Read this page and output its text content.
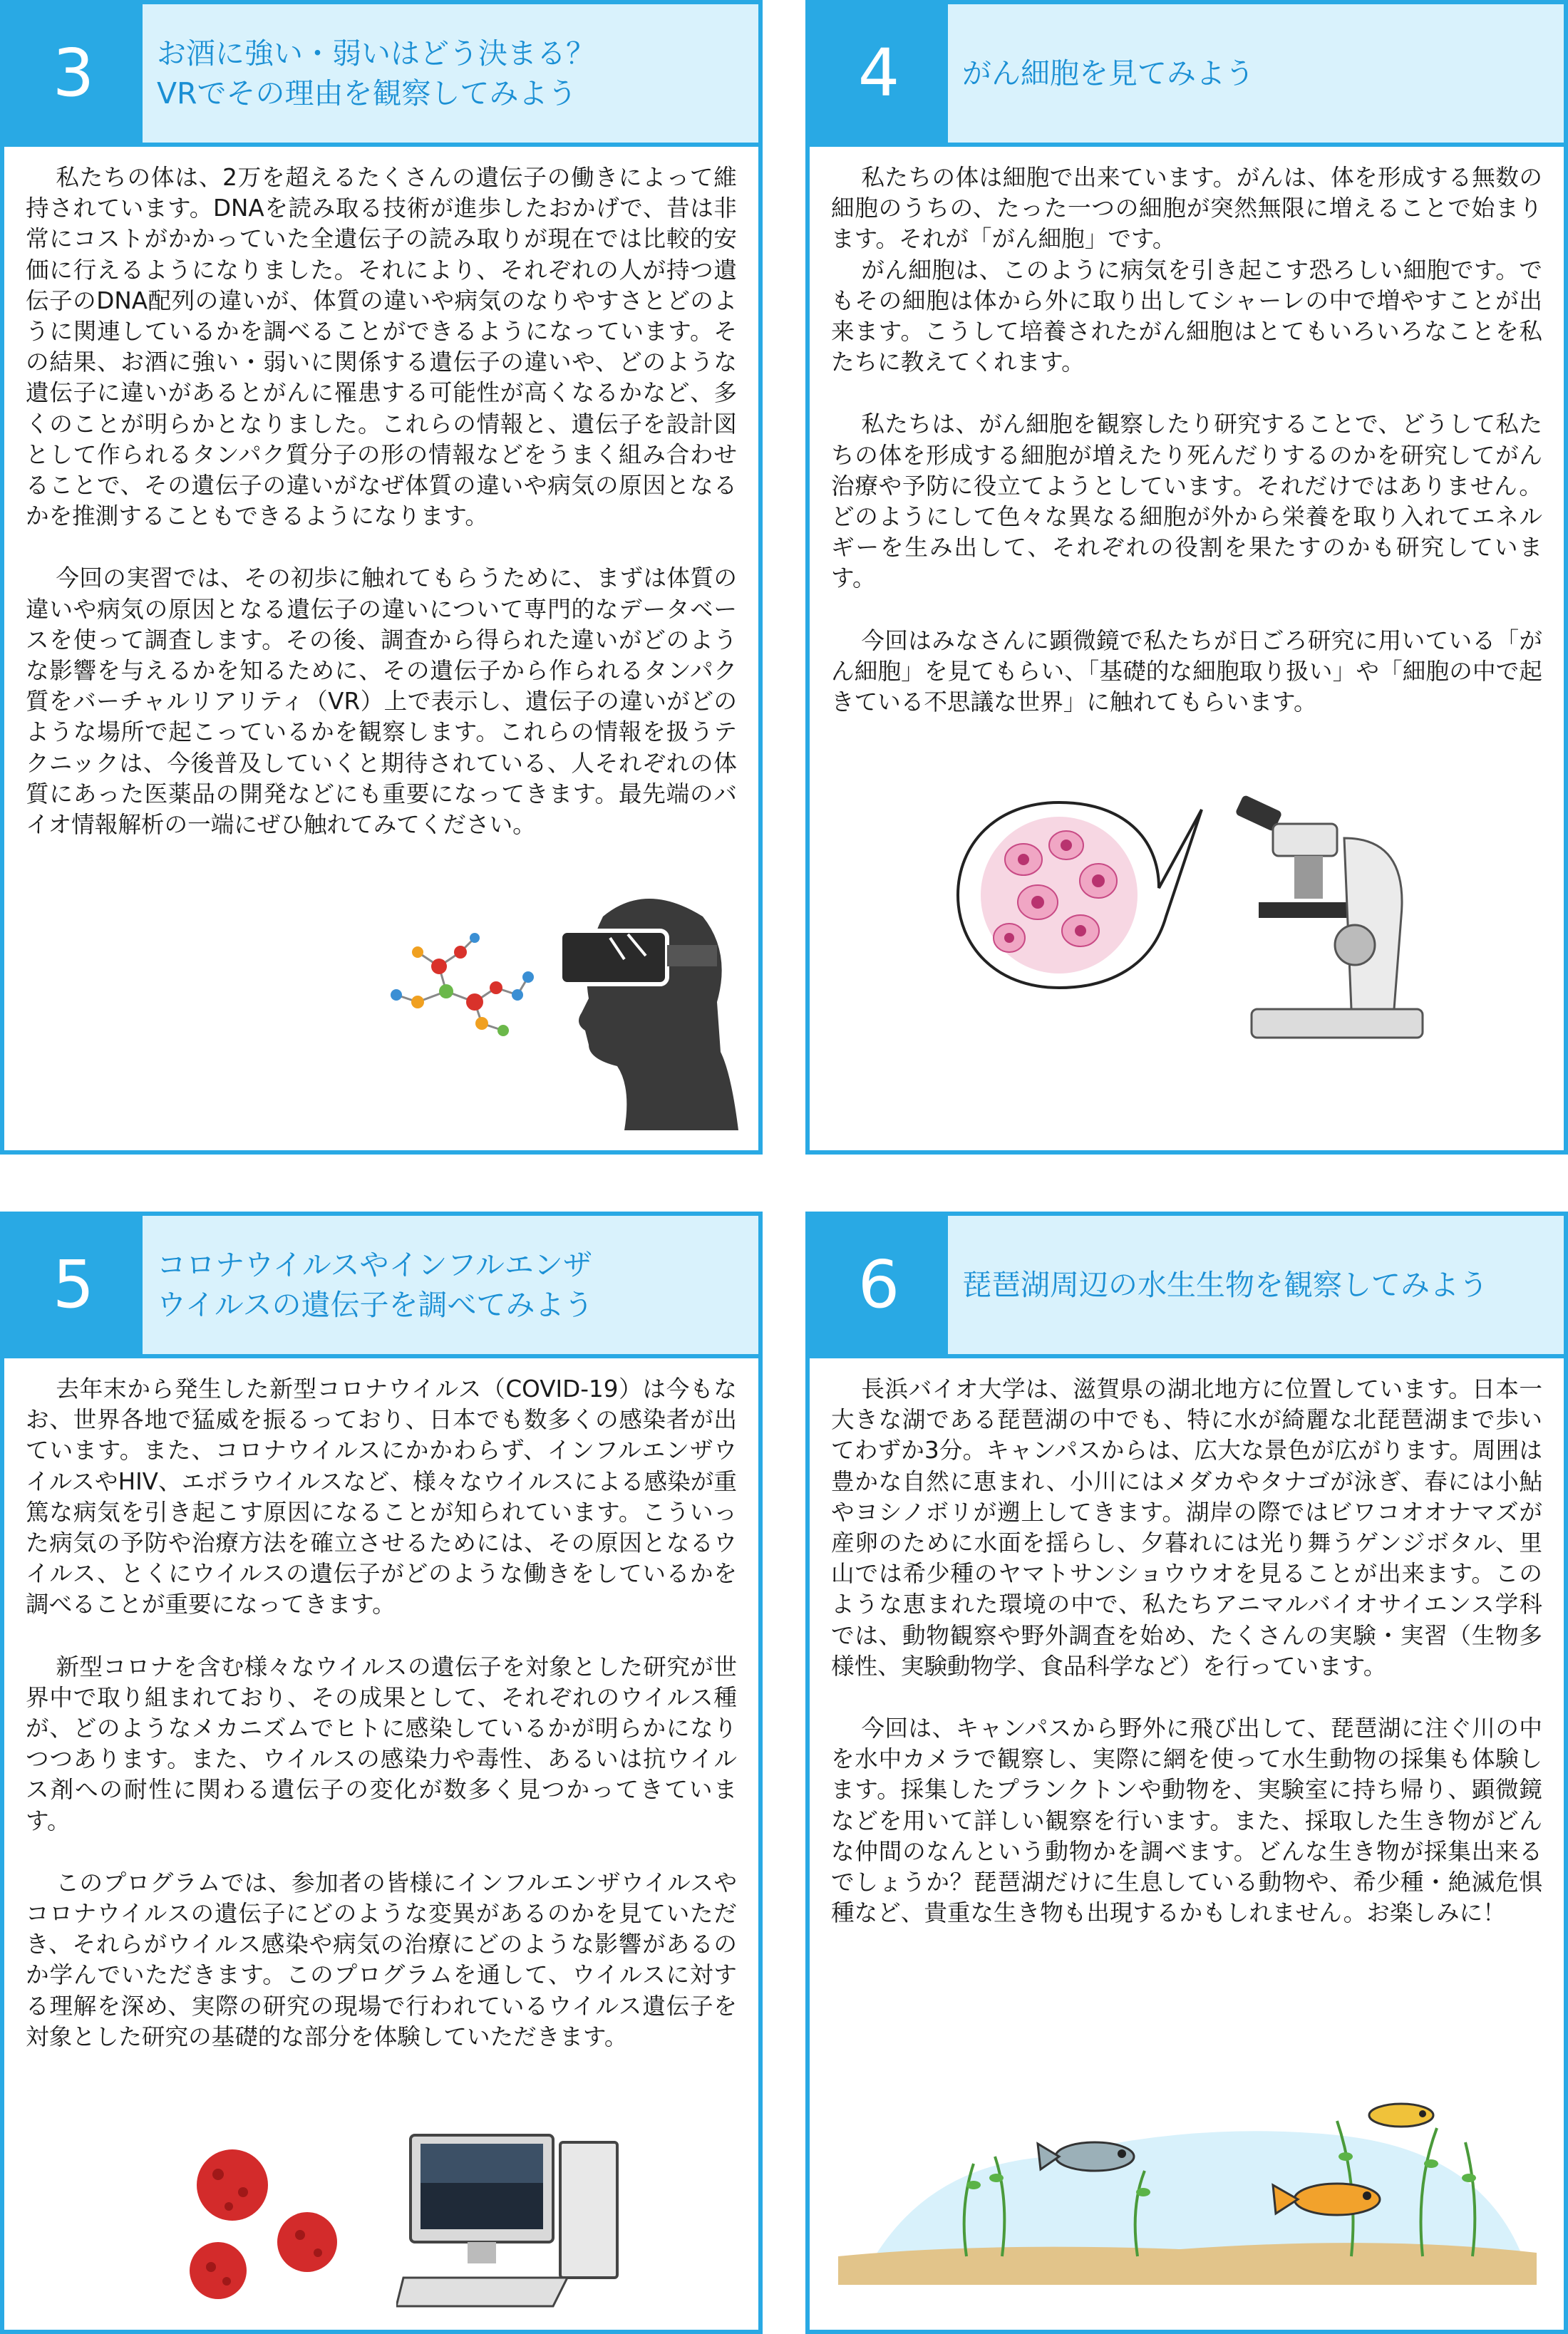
3	お酒に強い・弱いはどう決まる？
VRでその理由を観察してみよう

私たちの体は、2万を超えるたくさんの遺伝子の働きによって維持されています。DNAを読み取る技術が進歩したおかげで、昔は非常にコストがかかっていた全遺伝子の読み取りが現在では比較的安価に行えるようになりました。それにより、それぞれの人が持つ遺伝子のDNA配列の違いが、体質の違いや病気のなりやすさとどのように関連しているかを調べることができるようになっています。その結果、お酒に強い・弱いに関係する遺伝子の違いや、どのような遺伝子に違いがあるとがんに罹患する可能性が高くなるかなど、多くのことが明らかとなりました。これらの情報と、遺伝子を設計図として作られるタンパク質分子の形の情報などをうまく組み合わせることで、その遺伝子の違いがなぜ体質の違いや病気の原因となるかを推測することもできるようになります。

今回の実習では、その初歩に触れてもらうために、まずは体質の違いや病気の原因となる遺伝子の違いについて専門的なデータベースを使って調査します。その後、調査から得られた違いがどのような影響を与えるかを知るために、その遺伝子から作られるタンパク質をバーチャルリアリティ（VR）上で表示し、遺伝子の違いがどのような場所で起こっているかを観察します。これらの情報を扱うテクニックは、今後普及していくと期待されている、人それぞれの体質にあった医薬品の開発などにも重要になってきます。最先端のバイオ情報解析の一端にぜひ触れてみてください。

4	がん細胞を見てみよう

私たちの体は細胞で出来ています。がんは、体を形成する無数の細胞のうちの、たった一つの細胞が突然無限に増えることで始まります。それが「がん細胞」です。

がん細胞は、このように病気を引き起こす恐ろしい細胞です。でもその細胞は体から外に取り出してシャーレの中で増やすことが出来ます。こうして培養されたがん細胞はとてもいろいろなことを私たちに教えてくれます。

私たちは、がん細胞を観察したり研究することで、どうして私たちの体を形成する細胞が増えたり死んだりするのかを研究してがん治療や予防に役立てようとしています。それだけではありません。どのようにして色々な異なる細胞が外から栄養を取り入れてエネルギーを生み出して、それぞれの役割を果たすのかも研究しています。

今回はみなさんに顕微鏡で私たちが日ごろ研究に用いている「がん細胞」を見てもらい、「基礎的な細胞取り扱い」や「細胞の中で起きている不思議な世界」に触れてもらいます。

5	コロナウイルスやインフルエンザ
ウイルスの遺伝子を調べてみよう

去年末から発生した新型コロナウイルス（COVID-19）は今もなお、世界各地で猛威を振るっており、日本でも数多くの感染者が出ています。また、コロナウイルスにかかわらず、インフルエンザウイルスやHIV、エボラウイルスなど、様々なウイルスによる感染が重篤な病気を引き起こす原因になることが知られています。こういった病気の予防や治療方法を確立させるためには、その原因となるウイルス、とくにウイルスの遺伝子がどのような働きをしているかを調べることが重要になってきます。

新型コロナを含む様々なウイルスの遺伝子を対象とした研究が世界中で取り組まれており、その成果として、それぞれのウイルス種が、どのようなメカニズムでヒトに感染しているかが明らかになりつつあります。また、ウイルスの感染力や毒性、あるいは抗ウイルス剤への耐性に関わる遺伝子の変化が数多く見つかってきています。

このプログラムでは、参加者の皆様にインフルエンザウイルスやコロナウイルスの遺伝子にどのような変異があるのかを見ていただき、それらがウイルス感染や病気の治療にどのような影響があるのか学んでいただきます。このプログラムを通して、ウイルスに対する理解を深め、実際の研究の現場で行われているウイルス遺伝子を対象とした研究の基礎的な部分を体験していただきます。

6	琵琶湖周辺の水生生物を観察してみよう

長浜バイオ大学は、滋賀県の湖北地方に位置しています。日本一大きな湖である琵琶湖の中でも、特に水が綺麗な北琵琶湖まで歩いてわずか3分。キャンパスからは、広大な景色が広がります。周囲は豊かな自然に恵まれ、小川にはメダカやタナゴが泳ぎ、春には小鮎やヨシノボリが遡上してきます。湖岸の際ではビワコオオナマズが産卵のために水面を揺らし、夕暮れには光り舞うゲンジボタル、里山では希少種のヤマトサンショウウオを見ることが出来ます。このような恵まれた環境の中で、私たちアニマルバイオサイエンス学科では、動物観察や野外調査を始め、たくさんの実験・実習（生物多様性、実験動物学、食品科学など）を行っています。

今回は、キャンパスから野外に飛び出して、琵琶湖に注ぐ川の中を水中カメラで観察し、実際に網を使って水生動物の採集も体験します。採集したプランクトンや動物を、実験室に持ち帰り、顕微鏡などを用いて詳しい観察を行います。また、採取した生き物がどんな仲間のなんという動物かを調べます。どんな生き物が採集出来るでしょうか？琵琶湖だけに生息している動物や、希少種・絶滅危惧種など、貴重な生き物も出現するかもしれません。お楽しみに！
